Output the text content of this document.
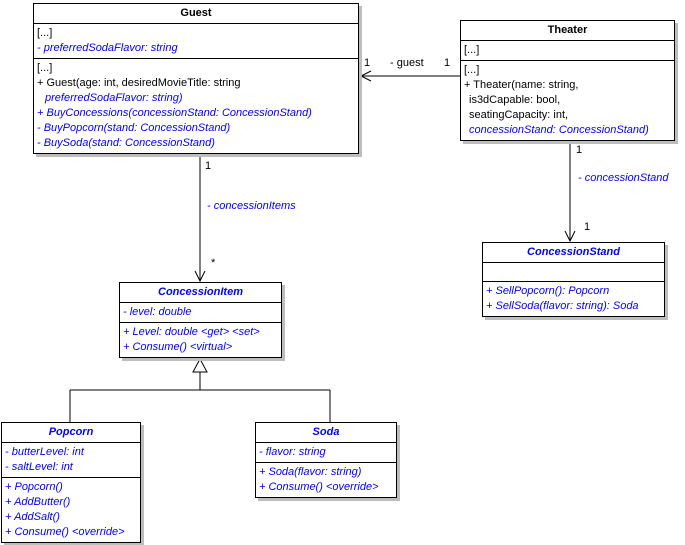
Guest
[...]
- preferredSodaFlavor: string
[...]
+ Guest(age: int, desiredMovieTitle: string
preferredSodaFlavor: string)
+ BuyConcessions(concessionStand: ConcessionStand)
- BuyPopcorn(stand: ConcessionStand)
- BuySoda(stand: ConcessionStand)
Theater
[...]
[...]
+ Theater(name: string,
is3dCapable: bool,
seatingCapacity: int,
concessionStand: ConcessionStand)
ConcessionStand
+ SellPopcorn(): Popcorn
+ SellSoda(flavor: string): Soda
ConcessionItem
- level: double
+ Level: double <get> <set>
+ Consume() <virtual>
Popcorn
- butterLevel: int
- saltLevel: int
+ Popcorn()
+ AddButter()
+ AddSalt()
+ Consume() <override>
Soda
- flavor: string
+ Soda(flavor: string)
+ Consume() <override>
1 - guest 1
1
- concessionItems
*
1
- concessionStand
1
